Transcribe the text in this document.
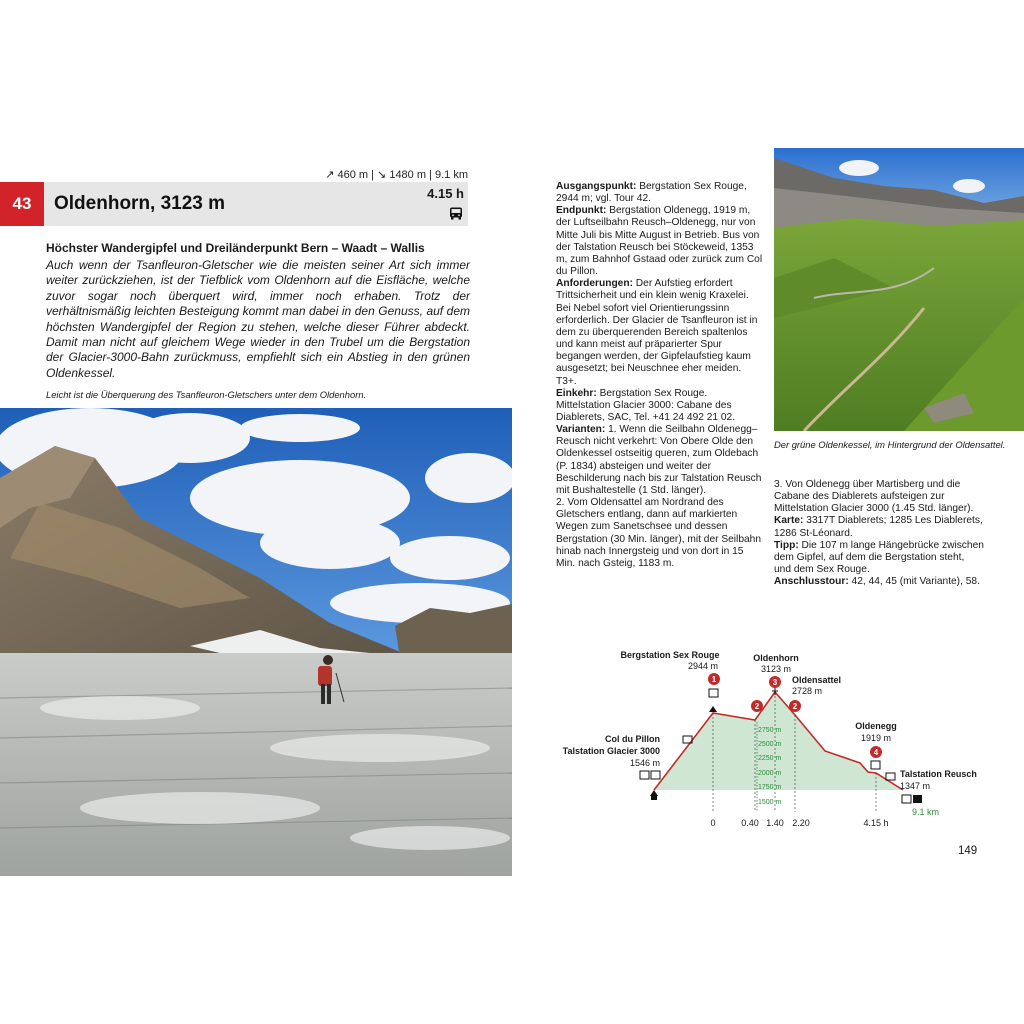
↗ 460 m | ↘ 1480 m | 9.1 km
43	Oldenhorn, 3123 m	4.15 h
Höchster Wandergipfel und Dreiländerpunkt Bern – Waadt – Wallis
Auch wenn der Tsanfleuron-Gletscher wie die meisten seiner Art sich immer weiter zurückziehen, ist der Tiefblick vom Oldenhorn auf die Eisfläche, welche zuvor sogar noch überquert wird, immer noch erhaben. Trotz der verhältnismäßig leichten Besteigung kommt man dabei in den Genuss, auf dem höchsten Wandergipfel der Region zu stehen, welche dieser Führer abdeckt. Damit man nicht auf gleichem Wege wieder in den Trubel um die Bergstation der Glacier-3000-Bahn zurückmuss, empfiehlt sich ein Abstieg in den grünen Oldenkessel.
Leicht ist die Überquerung des Tsanfleuron-Gletschers unter dem Oldenhorn.

Ausgangspunkt: Bergstation Sex Rouge, 2944 m; vgl. Tour 42.

Endpunkt: Bergstation Oldenegg, 1919 m, der Luftseilbahn Reusch–Oldenegg, nur von Mitte Juli bis Mitte August in Betrieb. Bus von der Talstation Reusch bei Stöckeweid, 1353 m, zum Bahnhof Gstaad oder zurück zum Col du Pillon.

Anforderungen: Der Aufstieg erfordert Trittsicherheit und ein klein wenig Kraxelei. Bei Nebel sofort viel Orientierungssinn erforderlich. Der Glacier de Tsanfleuron ist in dem zu überquerenden Bereich spaltenlos und kann meist auf präparierter Spur begangen werden, der Gipfelaufstieg kaum ausgesetzt; bei Neuschnee eher meiden. T3+.

Einkehr: Bergstation Sex Rouge. Mittelstation Glacier 3000: Cabane des Diablerets, SAC, Tel. +41 24 492 21 02.

Varianten: 1. Wenn die Seilbahn Oldenegg–Reusch nicht verkehrt: Von Obere Olde den Oldenkessel ostseitig queren, zum Oldebach (P. 1834) absteigen und weiter der Beschilderung nach bis zur Talstation Reusch mit Bushaltestelle (1 Std. länger).

2. Vom Oldensattel am Nordrand des Gletschers entlang, dann auf markierten Wegen zum Sanetschsee und dessen Bergstation (30 Min. länger), mit der Seilbahn hinab nach Innergsteig und von dort in 15 Min. nach Gsteig, 1183 m.

Der grüne Oldenkessel, im Hintergrund der Oldensattel.

3. Von Oldenegg über Martisberg und die Cabane des Diablerets aufsteigen zur Mittelstation Glacier 3000 (1.45 Std. länger).

Karte: 3317T Diablerets; 1285 Les Diablerets, 1286 St-Léonard.

Tipp: Die 107 m lange Hängebrücke zwischen dem Gipfel, auf dem die Bergstation steht, und dem Sex Rouge.

Anschlusstour: 42, 44, 45 (mit Variante), 58.

2750 m
2500 m
2250 m
2000 m
1750 m
1500 m
0	0.40 1.40 2.20	4.15 h
9.1 km
Col du Pillon
Talstation Glacier 3000
1546 m
Bergstation Sex Rouge
2944 m
1
Oldenhorn
3123 m
3 Oldensattel
2728 m
2	2
Oldenegg
1919 m
4
Talstation Reusch
1347 m
149
